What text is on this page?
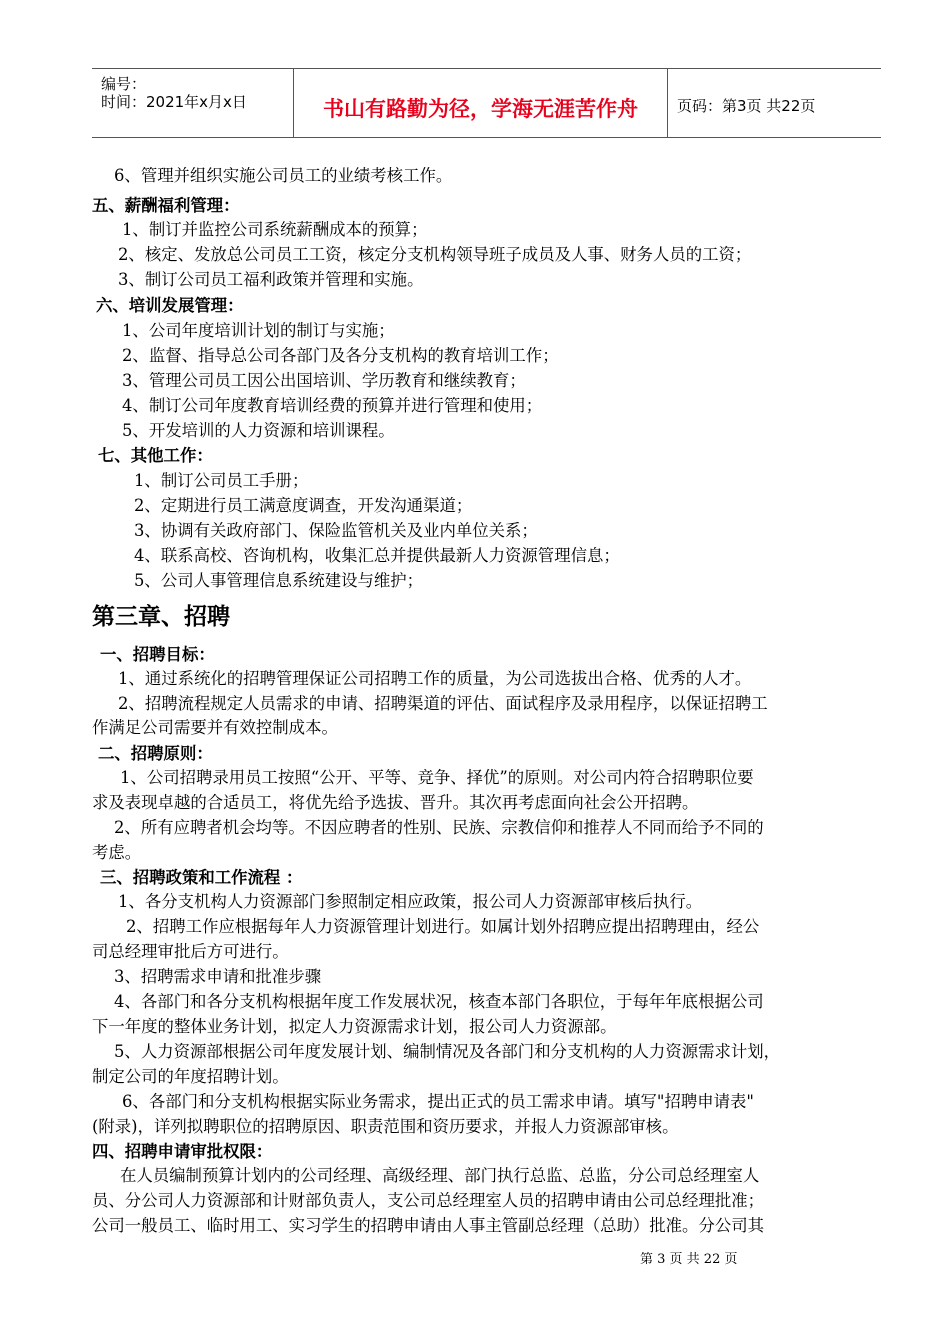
编号：
时间：2021年x月x日	书山有路勤为径，学海无涯苦作舟	页码：第3页 共22页
6、管理并组织实施公司员工的业绩考核工作。
五、薪酬福利管理：
1、制订并监控公司系统薪酬成本的预算；
2、核定、发放总公司员工工资，核定分支机构领导班子成员及人事、财务人员的工资；
3、制订公司员工福利政策并管理和实施。
六、培训发展管理：
1、公司年度培训计划的制订与实施；
2、监督、指导总公司各部门及各分支机构的教育培训工作；
3、管理公司员工因公出国培训、学历教育和继续教育；
4、制订公司年度教育培训经费的预算并进行管理和使用；
5、开发培训的人力资源和培训课程。
七、其他工作：
1、制订公司员工手册；
2、定期进行员工满意度调查，开发沟通渠道；
3、协调有关政府部门、保险监管机关及业内单位关系；
4、联系高校、咨询机构，收集汇总并提供最新人力资源管理信息；
5、公司人事管理信息系统建设与维护；
第三章、招聘
一、招聘目标：
1、通过系统化的招聘管理保证公司招聘工作的质量，为公司选拔出合格、优秀的人才。
2、招聘流程规定人员需求的申请、招聘渠道的评估、面试程序及录用程序，以保证招聘工
作满足公司需要并有效控制成本。
二、招聘原则：
1、公司招聘录用员工按照“公开、平等、竞争、择优”的原则。对公司内符合招聘职位要
求及表现卓越的合适员工，将优先给予选拔、晋升。其次再考虑面向社会公开招聘。
2、所有应聘者机会均等。不因应聘者的性别、民族、宗教信仰和推荐人不同而给予不同的
考虑。
三、招聘政策和工作流程 ：
1、各分支机构人力资源部门参照制定相应政策，报公司人力资源部审核后执行。
2、招聘工作应根据每年人力资源管理计划进行。如属计划外招聘应提出招聘理由，经公
司总经理审批后方可进行。
3、招聘需求申请和批准步骤
4、各部门和各分支机构根据年度工作发展状况，核查本部门各职位，于每年年底根据公司
下一年度的整体业务计划，拟定人力资源需求计划，报公司人力资源部。
5、人力资源部根据公司年度发展计划、编制情况及各部门和分支机构的人力资源需求计划，
制定公司的年度招聘计划。
6、各部门和分支机构根据实际业务需求，提出正式的员工需求申请。填写"招聘申请表"
(附录)，详列拟聘职位的招聘原因、职责范围和资历要求，并报人力资源部审核。
四、招聘申请审批权限：
在人员编制预算计划内的公司经理、高级经理、部门执行总监、总监，分公司总经理室人
员、分公司人力资源部和计财部负责人，支公司总经理室人员的招聘申请由公司总经理批准；
公司一般员工、临时用工、实习学生的招聘申请由人事主管副总经理（总助）批准。分公司其
第 3 页 共 22 页
